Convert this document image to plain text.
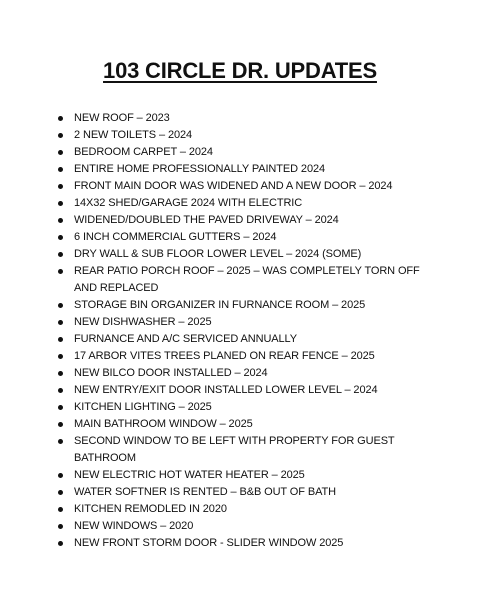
103 CIRCLE DR. UPDATES
NEW ROOF – 2023
2 NEW TOILETS – 2024
BEDROOM CARPET – 2024
ENTIRE HOME PROFESSIONALLY PAINTED 2024
FRONT MAIN DOOR WAS WIDENED AND A NEW DOOR – 2024
14X32 SHED/GARAGE 2024 WITH ELECTRIC
WIDENED/DOUBLED THE PAVED DRIVEWAY – 2024
6 INCH COMMERCIAL GUTTERS – 2024
DRY WALL & SUB FLOOR LOWER LEVEL – 2024 (SOME)
REAR PATIO PORCH ROOF – 2025 – WAS COMPLETELY TORN OFF AND REPLACED
STORAGE BIN ORGANIZER IN FURNANCE ROOM – 2025
NEW DISHWASHER – 2025
FURNANCE AND A/C SERVICED ANNUALLY
17 ARBOR VITES TREES PLANED ON REAR FENCE – 2025
NEW BILCO DOOR INSTALLED – 2024
NEW ENTRY/EXIT DOOR INSTALLED LOWER LEVEL – 2024
KITCHEN LIGHTING – 2025
MAIN BATHROOM WINDOW – 2025
SECOND WINDOW TO BE LEFT WITH PROPERTY FOR GUEST BATHROOM
NEW ELECTRIC HOT WATER HEATER – 2025
WATER SOFTNER IS RENTED – B&B OUT OF BATH
KITCHEN REMODLED IN 2020
NEW WINDOWS – 2020
NEW FRONT STORM DOOR - SLIDER WINDOW 2025
